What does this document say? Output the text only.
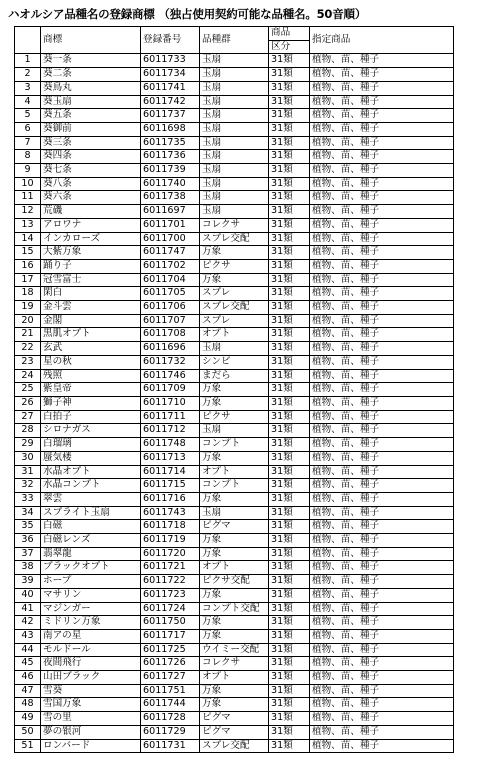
ハオルシア品種名の登録商標 （独占使用契約可能な品種名。50音順）
	商標	登録番号	品種群	商品	指定商品
				区分	
1	葵一条	6011733	玉扇	31類	植物、苗、種子
2	葵二条	6011734	玉扇	31類	植物、苗、種子
3	葵鳥丸	6011741	玉扇	31類	植物、苗、種子
4	葵玉扇	6011742	玉扇	31類	植物、苗、種子
5	葵五条	6011737	玉扇	31類	植物、苗、種子
6	葵御前	6011698	玉扇	31類	植物、苗、種子
7	葵三条	6011735	玉扇	31類	植物、苗、種子
8	葵四条	6011736	玉扇	31類	植物、苗、種子
9	葵七条	6011739	玉扇	31類	植物、苗、種子
10	葵八条	6011740	玉扇	31類	植物、苗、種子
11	葵六条	6011738	玉扇	31類	植物、苗、種子
12	荒磯	6011697	玉扇	31類	植物、苗、種子
13	アロワナ	6011701	コレクサ	31類	植物、苗、種子
14	インカローズ	6011700	スプレ交配	31類	植物、苗、種子
15	大紫万象	6011747	万象	31類	植物、苗、種子
16	踊り子	6011702	ピクサ	31類	植物、苗、種子
17	冠雪富士	6011704	万象	31類	植物、苗、種子
18	閑白	6011705	スプレ	31類	植物、苗、種子
19	金斗雲	6011706	スプレ交配	31類	植物、苗、種子
20	金閣	6011707	スプレ	31類	植物、苗、種子
21	黒肌オプト	6011708	オプト	31類	植物、苗、種子
22	玄武	6011696	玉扇	31類	植物、苗、種子
23	星の秋	6011732	シンビ	31類	植物、苗、種子
24	残照	6011746	まだら	31類	植物、苗、種子
25	紫皇帝	6011709	万象	31類	植物、苗、種子
26	獅子神	6011710	万象	31類	植物、苗、種子
27	白拍子	6011711	ピクサ	31類	植物、苗、種子
28	シロナガス	6011712	玉扇	31類	植物、苗、種子
29	白瑠璃	6011748	コンプト	31類	植物、苗、種子
30	蜃気楼	6011713	万象	31類	植物、苗、種子
31	水晶オプト	6011714	オプト	31類	植物、苗、種子
32	水晶コンプト	6011715	コンプト	31類	植物、苗、種子
33	翠雲	6011716	万象	31類	植物、苗、種子
34	スプライト玉扇	6011743	玉扇	31類	植物、苗、種子
35	白磁	6011718	ピグマ	31類	植物、苗、種子
36	白磁レンズ	6011719	万象	31類	植物、苗、種子
37	翡翠龍	6011720	万象	31類	植物、苗、種子
38	ブラックオプト	6011721	オプト	31類	植物、苗、種子
39	ホープ	6011722	ピクサ交配	31類	植物、苗、種子
40	マサリン	6011723	万象	31類	植物、苗、種子
41	マジンガー	6011724	コンプト交配	31類	植物、苗、種子
42	ミドリン万象	6011750	万象	31類	植物、苗、種子
43	南アの星	6011717	万象	31類	植物、苗、種子
44	モルドール	6011725	ウイミー交配	31類	植物、苗、種子
45	夜間飛行	6011726	コレクサ	31類	植物、苗、種子
46	山田ブラック	6011727	オプト	31類	植物、苗、種子
47	雪葵	6011751	万象	31類	植物、苗、種子
48	雪国万象	6011744	万象	31類	植物、苗、種子
49	雪の里	6011728	ピグマ	31類	植物、苗、種子
50	夢の银河	6011729	ピグマ	31類	植物、苗、種子
51	ロンバード	6011731	スプレ交配	31類	植物、苗、種子
